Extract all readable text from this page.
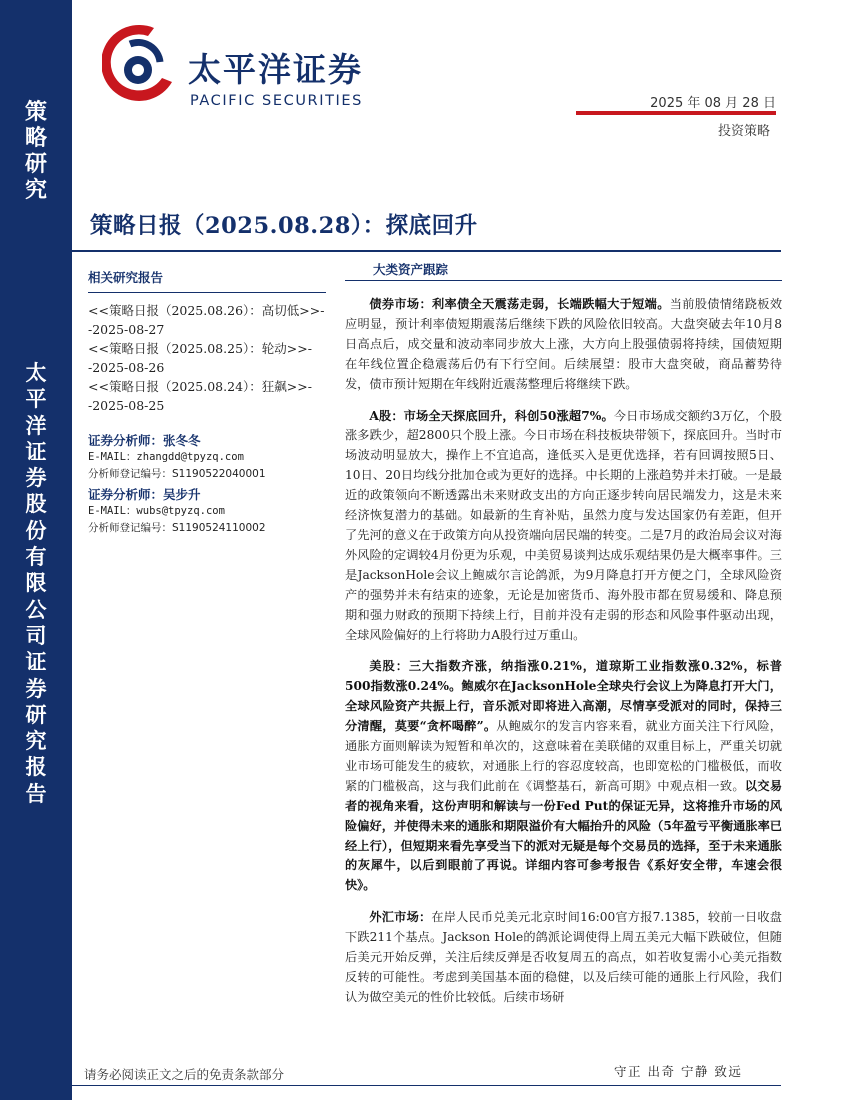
策
略
研
究
太
平
洋
证
券
股
份
有
限
公
司
证
券
研
究
报
告
太平洋证券
PACIFIC SECURITIES	2025 年 08 月 28 日
投资策略
策略日报（2025.08.28）：探底回升
相关研究报告
<<策略日报（2025.08.26）：高切低>>--2025-08-27
<<策略日报（2025.08.25）：轮动>>--2025-08-26
<<策略日报（2025.08.24）：狂飙>>--2025-08-25
证券分析师：张冬冬
E-MAIL：zhangdd@tpyzq.com
分析师登记编号：S1190522040001
证券分析师：吴步升
E-MAIL：wubs@tpyzq.com
分析师登记编号：S1190524110002
大类资产跟踪

债券市场：利率债全天震荡走弱，长端跌幅大于短端。当前股债情绪跷板效应明显，预计利率债短期震荡后继续下跌的风险依旧较高。大盘突破去年10月8日高点后，成交量和波动率同步放大上涨，大方向上股强债弱将持续，国债短期在年线位置企稳震荡后仍有下行空间。后续展望：股市大盘突破，商品蓄势待发，债市预计短期在年线附近震荡整理后将继续下跌。

A股：市场全天探底回升，科创50涨超7%。今日市场成交额约3万亿，个股涨多跌少，超2800只个股上涨。今日市场在科技板块带领下，探底回升。当时市场波动明显放大，操作上不宜追高，逢低买入是更优选择，若有回调按照5日、10日、20日均线分批加仓或为更好的选择。中长期的上涨趋势并未打破。一是最近的政策领向不断透露出未来财政支出的方向正逐步转向居民端发力，这是未来经济恢复潜力的基础。如最新的生育补贴，虽然力度与发达国家仍有差距，但开了先河的意义在于政策方向从投资端向居民端的转变。二是7月的政治局会议对海外风险的定调较4月份更为乐观，中美贸易谈判达成乐观结果仍是大概率事件。三是JacksonHole会议上鲍威尔言论鸽派，为9月降息打开方便之门，全球风险资产的强势并未有结束的迹象，无论是加密货币、海外股市都在贸易缓和、降息预期和强力财政的预期下持续上行，目前并没有走弱的形态和风险事件驱动出现，全球风险偏好的上行将助力A股行过万重山。

美股：三大指数齐涨，纳指涨0.21%，道琼斯工业指数涨0.32%，标普500指数涨0.24%。鲍威尔在JacksonHole全球央行会议上为降息打开大门，全球风险资产共振上行，音乐派对即将进入高潮，尽情享受派对的同时，保持三分清醒，莫要“贪杯喝醉”。从鲍威尔的发言内容来看，就业方面关注下行风险，通胀方面则解读为短暂和单次的，这意味着在美联储的双重目标上，严重关切就业市场可能发生的疲软，对通胀上行的容忍度较高，也即宽松的门槛极低，而收紧的门槛极高，这与我们此前在《调整基石，新高可期》中观点相一致。以交易者的视角来看，这份声明和解读与一份Fed Put的保证无异，这将推升市场的风险偏好，并使得未来的通胀和期限溢价有大幅抬升的风险（5年盈亏平衡通胀率已经上行），但短期来看先享受当下的派对无疑是每个交易员的选择，至于未来通胀的灰犀牛，以后到眼前了再说。详细内容可参考报告《系好安全带，车速会很快》。

外汇市场：在岸人民币兑美元北京时间16:00官方报7.1385，较前一日收盘下跌211个基点。Jackson Hole的鸽派论调使得上周五美元大幅下跌破位，但随后美元开始反弹，关注后续反弹是否收复周五的高点，如若收复需小心美元指数反转的可能性。考虑到美国基本面的稳健，以及后续可能的通胀上行风险，我们认为做空美元的性价比较低。后续市场研

请务必阅读正文之后的免责条款部分	守正 出奇 宁静 致远
